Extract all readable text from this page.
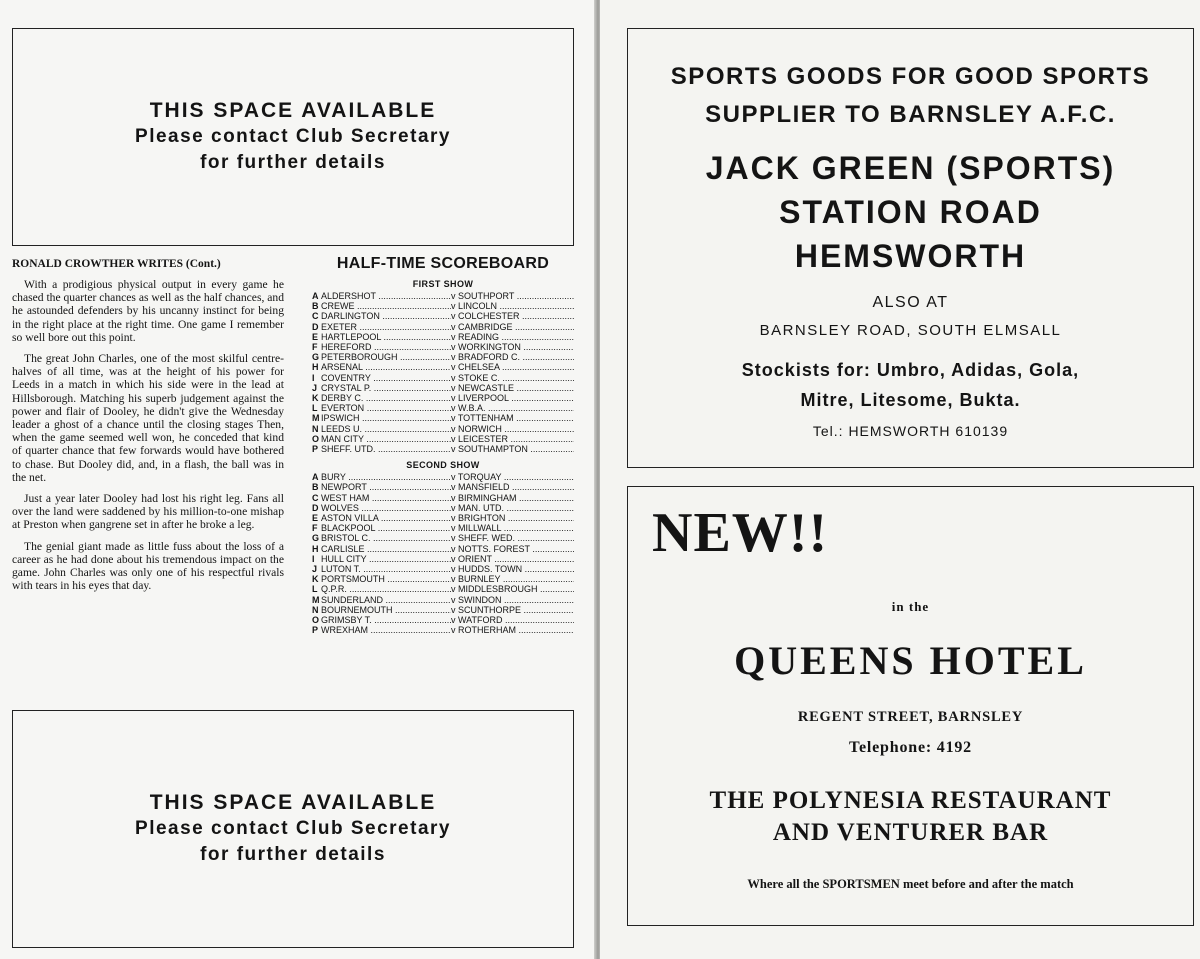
THIS SPACE AVAILABLE
Please contact Club Secretary
for further details
RONALD CROWTHER WRITES (Cont.)

With a prodigious physical output in every game he chased the quarter chances as well as the half chances, and he astounded defenders by his uncanny instinct for being in the right place at the right time. One game I remember so well bore out this point.

The great John Charles, one of the most skilful centre-halves of all time, was at the height of his power for Leeds in a match in which his side were in the lead at Hillsborough. Matching his superb judgement against the power and flair of Dooley, he didn't give the Wednesday leader a ghost of a chance until the closing stages Then, when the game seemed well won, he conceded that kind of quarter chance that few forwards would have bothered to chase. But Dooley did, and, in a flash, the ball was in the net.

Just a year later Dooley had lost his right leg. Fans all over the land were saddened by his million-to-one mishap at Preston when gangrene set in after he broke a leg.

The genial giant made as little fuss about the loss of a career as he had done about his tremendous impact on the game. John Charles was only one of his respectful rivals with tears in his eyes that day.

HALF-TIME SCOREBOARD
FIRST SHOW
A ALDERSHOT .....	v SOUTHPORT .....
B CREWE .....	v LINCOLN .....
C DARLINGTON .....	v COLCHESTER .....
D EXETER .....	v CAMBRIDGE .....
E HARTLEPOOL .....	v READING .....
F HEREFORD .....	v WORKINGTON .....
G PETERBOROUGH .....	v BRADFORD C. .....
H ARSENAL .....	v CHELSEA .....
I COVENTRY .....	v STOKE C. .....
J CRYSTAL P. .....	v NEWCASTLE .....
K DERBY C. .....	v LIVERPOOL .....
L EVERTON .....	v W.B.A. .....
M IPSWICH .....	v TOTTENHAM .....
N LEEDS U. .....	v NORWICH .....
O MAN CITY .....	v LEICESTER .....
P SHEFF. UTD. .....	v SOUTHAMPTON .....
SECOND SHOW
A BURY .....	v TORQUAY .....
B NEWPORT .....	v MANSFIELD .....
C WEST HAM .....	v BIRMINGHAM .....
D WOLVES .....	v MAN. UTD. .....
E ASTON VILLA .....	v BRIGHTON .....
F BLACKPOOL .....	v MILLWALL .....
G BRISTOL C. .....	v SHEFF. WED. .....
H CARLISLE .....	v NOTTS. FOREST .....
I HULL CITY .....	v ORIENT .....
J LUTON T. .....	v HUDDS. TOWN .....
K PORTSMOUTH .....	v BURNLEY .....
L Q.P.R. .....	v MIDDLESBROUGH .....
M SUNDERLAND .....	v SWINDON .....
N BOURNEMOUTH .....	v SCUNTHORPE .....
O GRIMSBY T. .....	v WATFORD .....
P WREXHAM .....	v ROTHERHAM .....
THIS SPACE AVAILABLE
Please contact Club Secretary
for further details
SPORTS GOODS FOR GOOD SPORTS
SUPPLIER TO BARNSLEY A.F.C.
JACK GREEN (SPORTS)
STATION ROAD
HEMSWORTH
ALSO AT
BARNSLEY ROAD, SOUTH ELMSALL
Stockists for: Umbro, Adidas, Gola,
Mitre, Litesome, Bukta.
Tel.: HEMSWORTH 610139
NEW!!
in the
QUEENS HOTEL
REGENT STREET, BARNSLEY
Telephone: 4192
THE POLYNESIA RESTAURANT
AND VENTURER BAR
Where all the SPORTSMEN meet before and after the match
